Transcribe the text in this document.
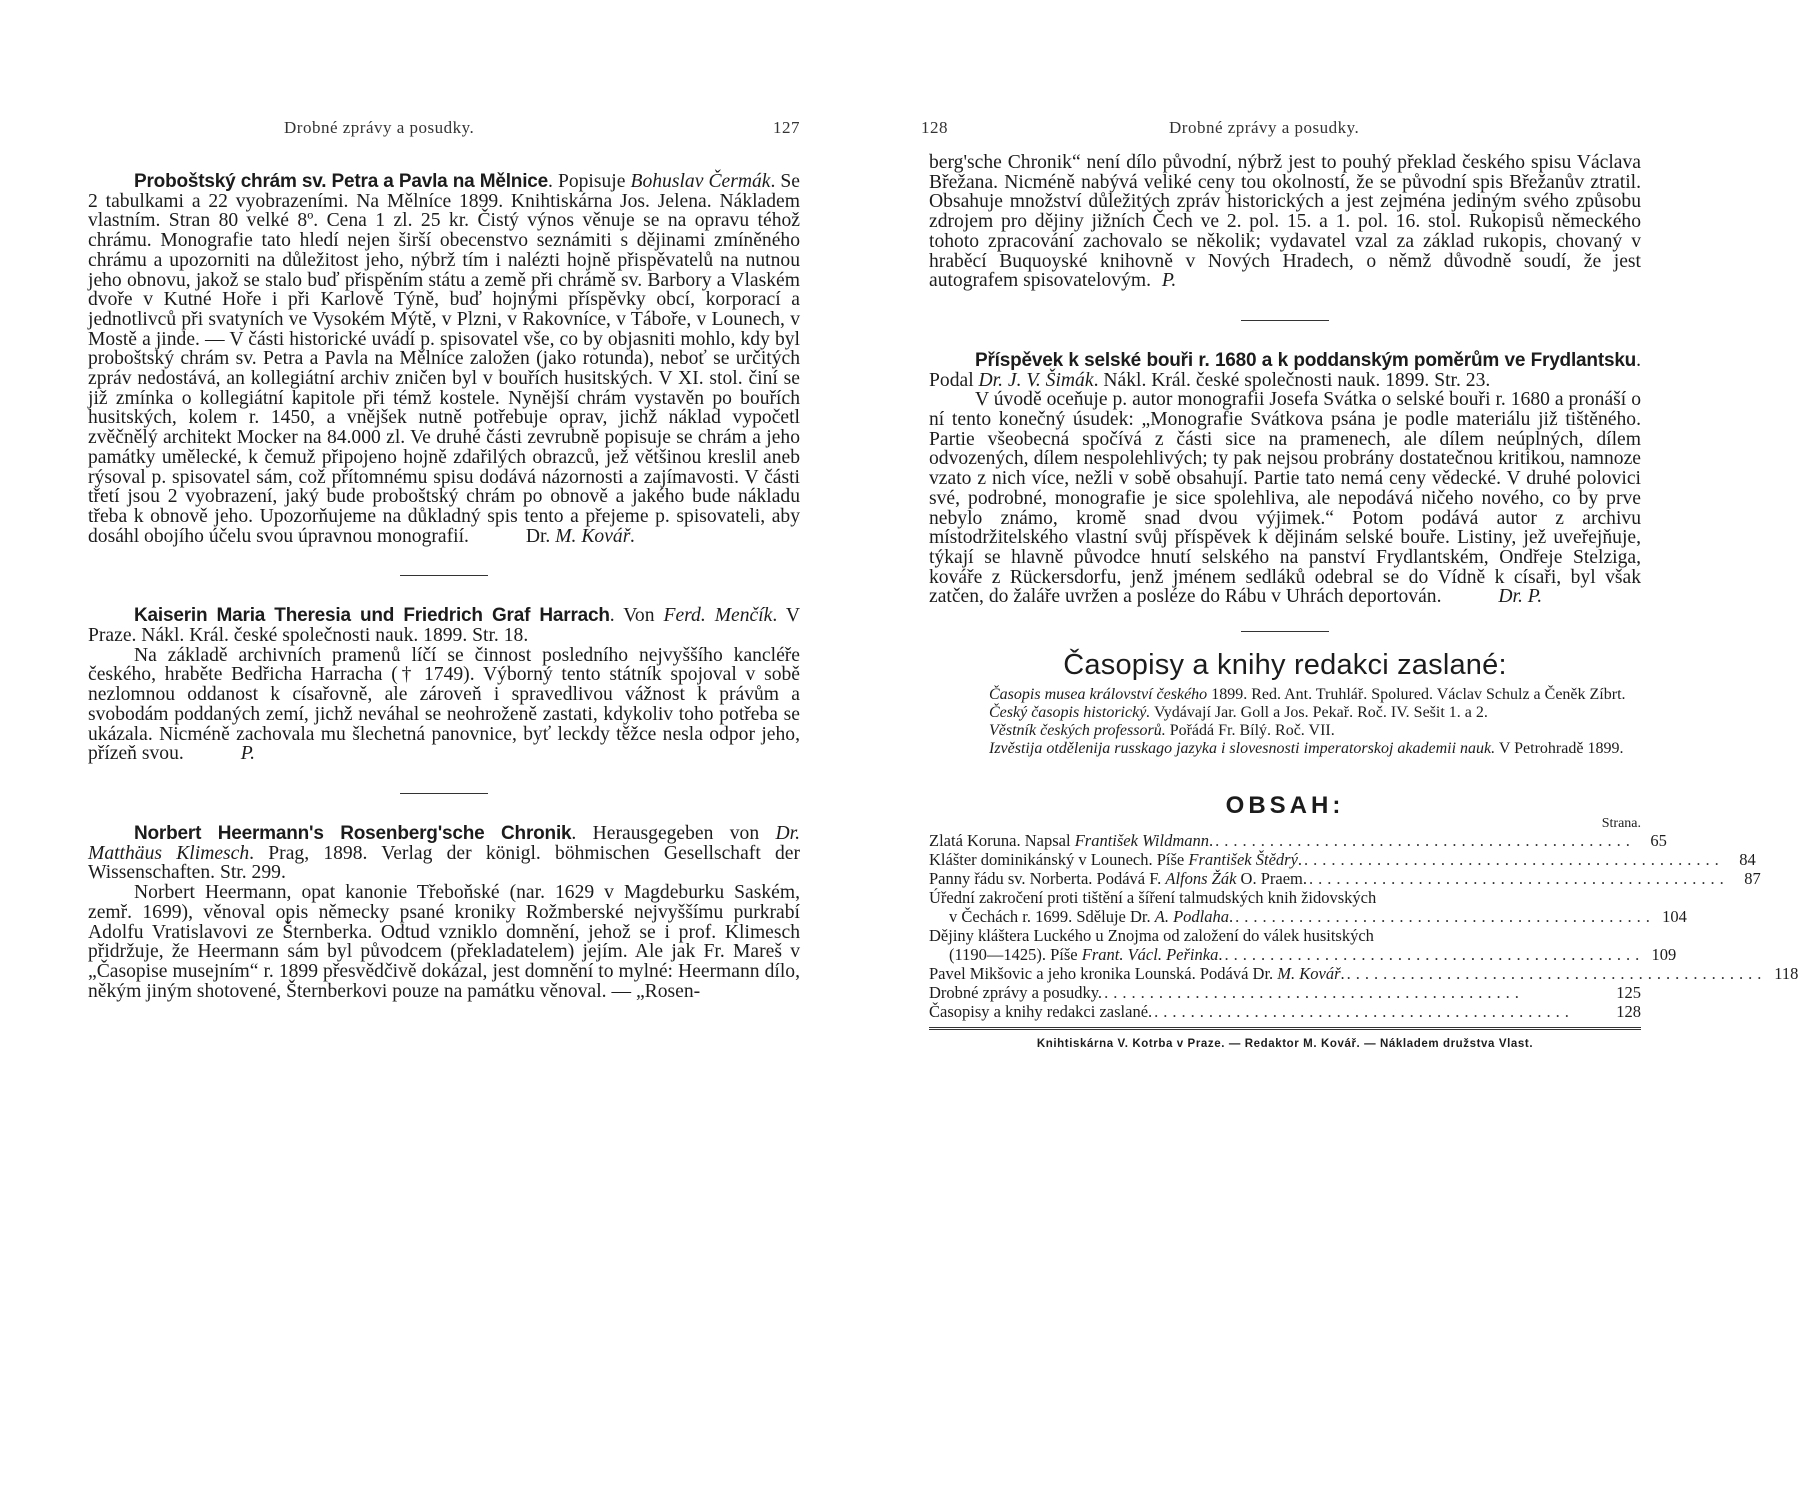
Drobné zprávy a posudky.	127

Proboštský chrám sv. Petra a Pavla na Mělnice. Popisuje Bohuslav Čermák. Se 2 tabulkami a 22 vyobrazeními. Na Mělníce 1899. Knihtiskárna Jos. Jelena. Nákladem vlastním. Stran 80 velké 8º. Cena 1 zl. 25 kr. Čistý výnos věnuje se na opravu téhož chrámu. Monografie tato hledí nejen širší obecenstvo seznámiti s dějinami zmíněného chrámu a upozorniti na důležitost jeho, nýbrž tím i nalézti hojně přispěvatelů na nutnou jeho obnovu, jakož se stalo buď přispěním státu a země při chrámě sv. Barbory a Vlaském dvoře v Kutné Hoře i při Karlově Týně, buď hojnými příspěvky obcí, korporací a jednotlivců při svatyních ve Vysokém Mýtě, v Plzni, v Rakovníce, v Táboře, v Lounech, v Mostě a jinde. — V části historické uvádí p. spisovatel vše, co by objasniti mohlo, kdy byl proboštský chrám sv. Petra a Pavla na Mělníce založen (jako rotunda), neboť se určitých zpráv nedostává, an kollegiátní archiv zničen byl v bouřích husitských. V XI. stol. činí se již zmínka o kollegiátní kapitole při témž kostele. Nynější chrám vystavěn po bouřích husitských, kolem r. 1450, a vnějšek nutně potřebuje oprav, jichž náklad vypočetl zvěčnělý architekt Mocker na 84.000 zl. Ve druhé části zevrubně popisuje se chrám a jeho památky umělecké, k čemuž připojeno hojně zdařilých obrazců, jež většinou kreslil aneb rýsoval p. spisovatel sám, což přítomnému spisu dodává názornosti a zajímavosti. V části třetí jsou 2 vyobrazení, jaký bude proboštský chrám po obnově a jakého bude nákladu třeba k obnově jeho. Upozorňujeme na důkladný spis tento a přejeme p. spisovateli, aby dosáhl obojího účelu svou úpravnou monografií.	Dr. M. Kovář.

Kaiserin Maria Theresia und Friedrich Graf Harrach. Von Ferd. Menčík. V Praze. Nákl. Král. české společnosti nauk. 1899. Str. 18.

Na základě archivních pramenů líčí se činnost posledního nejvyššího kancléře českého, hraběte Bedřicha Harracha († 1749). Výborný tento státník spojoval v sobě nezlomnou oddanost k císařovně, ale zároveň i spravedlivou vážnost k právům a svobodám poddaných zemí, jichž neváhal se neohroženě zastati, kdykoliv toho potřeba se ukázala. Nicméně zachovala mu šlechetná panovnice, byť leckdy těžce nesla odpor jeho, přízeň svou.	P.

Norbert Heermann's Rosenberg'sche Chronik. Herausgegeben von Dr. Matthäus Klimesch. Prag, 1898. Verlag der königl. böhmischen Gesellschaft der Wissenschaften. Str. 299.

Norbert Heermann, opat kanonie Třeboňské (nar. 1629 v Magdeburku Saském, zemř. 1699), věnoval opis německy psané kroniky Rožmberské nejvyššímu purkrabí Adolfu Vratislavovi ze Šternberka. Odtud vzniklo domnění, jehož se i prof. Klimesch přidržuje, že Heermann sám byl původcem (překladatelem) jejím. Ale jak Fr. Mareš v „Časopise musejním“ r. 1899 přesvědčivě dokázal, jest domnění to mylné: Heermann dílo, někým jiným shotovené, Šternberkovi pouze na památku věnoval. — „Rosen-

128	Drobné zprávy a posudky.

berg'sche Chronik“ není dílo původní, nýbrž jest to pouhý překlad českého spisu Václava Břežana. Nicméně nabývá veliké ceny tou okolností, že se původní spis Břežanův ztratil. Obsahuje množství důležitých zpráv historických a jest zejména jediným svého způsobu zdrojem pro dějiny jižních Čech ve 2. pol. 15. a 1. pol. 16. stol. Rukopisů německého tohoto zpracování zachovalo se několik; vydavatel vzal za základ rukopis, chovaný v hraběcí Buquoyské knihovně v Nových Hradech, o němž důvodně soudí, že jest autografem spisovatelovým. P.

Příspěvek k selské bouři r. 1680 a k poddanským poměrům ve Frydlantsku. Podal Dr. J. V. Šimák. Nákl. Král. české společnosti nauk. 1899. Str. 23.

V úvodě oceňuje p. autor monografii Josefa Svátka o selské bouři r. 1680 a pronáší o ní tento konečný úsudek: „Monografie Svátkova psána je podle materiálu již tištěného. Partie všeobecná spočívá z části sice na pramenech, ale dílem neúplných, dílem odvozených, dílem nespolehlivých; ty pak nejsou probrány dostatečnou kritikou, namnoze vzato z nich více, nežli v sobě obsahují. Partie tato nemá ceny vědecké. V druhé polovici své, podrobné, monografie je sice spolehliva, ale nepodává ničeho nového, co by prve nebylo známo, kromě snad dvou výjimek.“ Potom podává autor z archivu místodržitelského vlastní svůj příspěvek k dějinám selské bouře. Listiny, jež uveřejňuje, týkají se hlavně původce hnutí selského na panství Frydlantském, Ondřeje Stelziga, kováře z Rückersdorfu, jenž jménem sedláků odebral se do Vídně k císaři, byl však zatčen, do žaláře uvržen a posléze do Rábu v Uhrách deportován.	Dr. P.

Časopisy a knihy redakci zaslané:

Časopis musea království českého 1899. Red. Ant. Truhlář. Spolured. Václav Schulz a Čeněk Zíbrt.

Český časopis historický. Vydávají Jar. Goll a Jos. Pekař. Roč. IV. Sešit 1. a 2.

Věstník českých professorů. Pořádá Fr. Bílý. Roč. VII.

Izvěstija otdělenija russkago jazyka i slovesnosti imperatorskoj akademii nauk. V Petrohradě 1899.

OBSAH:
Strana.
Zlatá Koruna. Napsal František Wildmann. .............................................. 65
Klášter dominikánský v Lounech. Píše František Štědrý. .............................................. 84
Panny řádu sv. Norberta. Podává F. Alfons Žák O. Praem. .............................................. 87
Úřední zakročení proti tištění a šíření talmudských knih židovských
v Čechách r. 1699. Sděluje Dr. A. Podlaha. .............................................. 104
Dějiny kláštera Luckého u Znojma od založení do válek husitských
(1190—1425). Píše Frant. Václ. Peřinka. .............................................. 109
Pavel Mikšovic a jeho kronika Lounská. Podává Dr. M. Kovář. .............................................. 118
Drobné zprávy a posudky. ..............................................	125
Časopisy a knihy redakci zaslané. ..............................................	128
Knihtiskárna V. Kotrba v Praze. — Redaktor M. Kovář. — Nákladem družstva Vlast.
